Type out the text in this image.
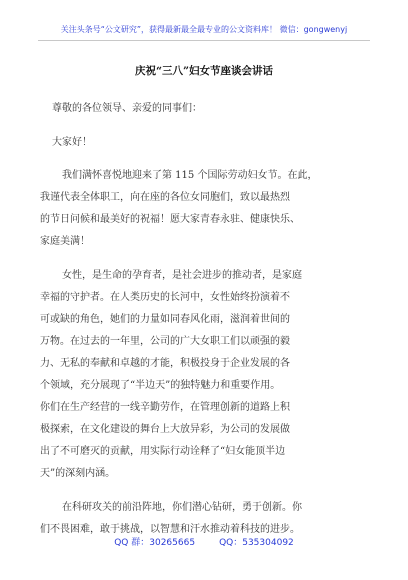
关注头条号“公文研究”，获得最新最全最专业的公文资料库！ 微信：gongwenyj
庆祝“三八”妇女节座谈会讲话
尊敬的各位领导、亲爱的同事们：
大家好！
我们满怀喜悦地迎来了第 115 个国际劳动妇女节。在此，
我谨代表全体职工，向在座的各位女同胞们，致以最热烈
的节日问候和最美好的祝福！愿大家青春永驻、健康快乐、
家庭美满！
女性，是生命的孕育者，是社会进步的推动者，是家庭
幸福的守护者。在人类历史的长河中，女性始终扮演着不
可或缺的角色，她们的力量如同春风化雨，滋润着世间的
万物。在过去的一年里，公司的广大女职工们以顽强的毅
力、无私的奉献和卓越的才能，积极投身于企业发展的各
个领域，充分展现了“半边天”的独特魅力和重要作用。
你们在生产经营的一线辛勤劳作，在管理创新的道路上积
极探索，在文化建设的舞台上大放异彩，为公司的发展做
出了不可磨灭的贡献，用实际行动诠释了“妇女能顶半边
天”的深刻内涵。
在科研攻关的前沿阵地，你们潜心钻研，勇于创新。你
们不畏困难，敢于挑战，以智慧和汗水推动着科技的进步。
QQ 群：30265665	QQ：535304092
